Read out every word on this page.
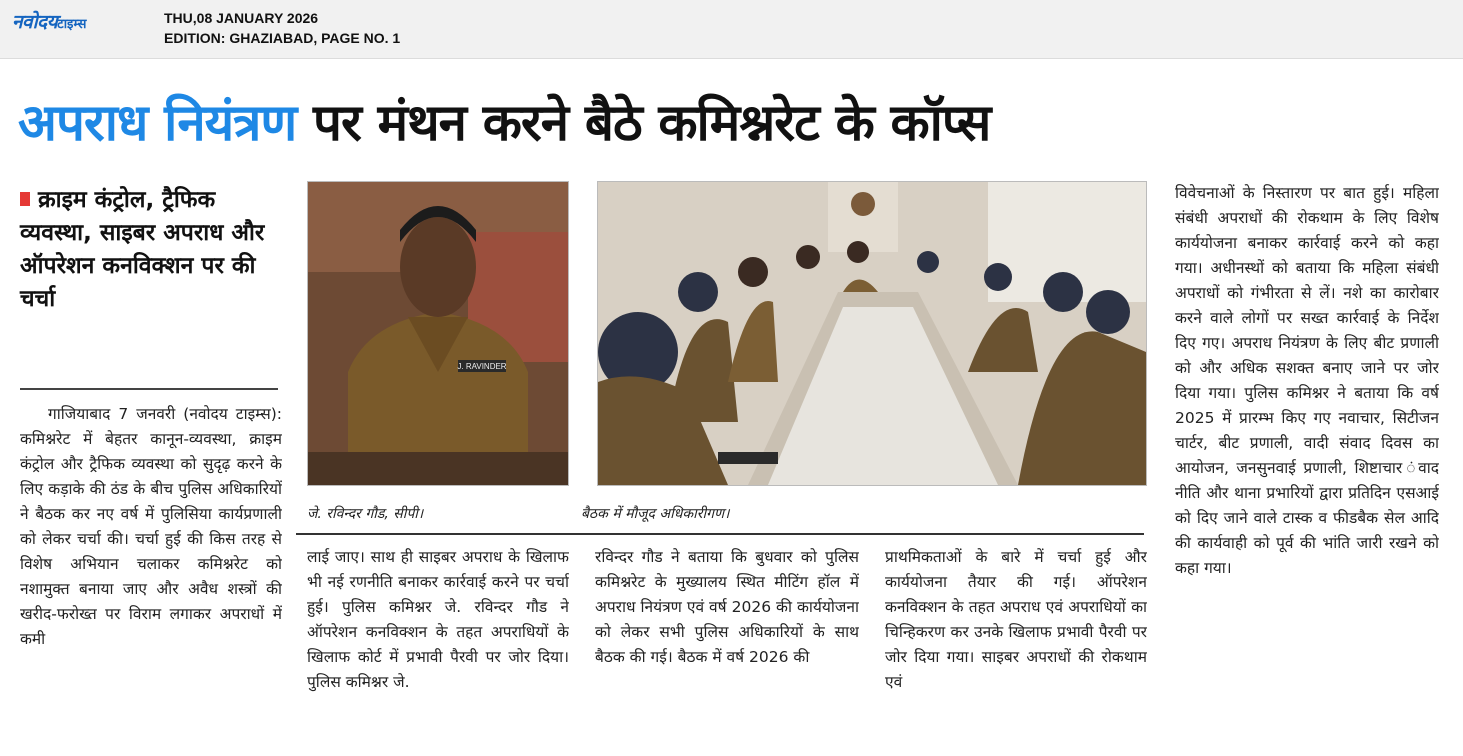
नवोदयटाइम्स	THU,08 JANUARY 2026
EDITION: GHAZIABAD, PAGE NO. 1
अपराध नियंत्रण पर मंथन करने बैठे कमिश्नरेट के कॉप्स
क्राइम कंट्रोल, ट्रैफिक व्यवस्था, साइबर अपराध और ऑपरेशन कनविक्शन पर की चर्चा
गाजियाबाद 7 जनवरी (नवोदय टाइम्स): कमिश्नरेट में बेहतर कानून-व्यवस्था, क्राइम कंट्रोल और ट्रैफिक व्यवस्था को सुदृढ़ करने के लिए कड़ाके की ठंड के बीच पुलिस अधिकारियों ने बैठक कर नए वर्ष में पुलिसिया कार्यप्रणाली को लेकर चर्चा की। चर्चा हुई की किस तरह से विशेष अभियान चलाकर कमिश्नरेट को नशामुक्त बनाया जाए और अवैध शस्त्रों की खरीद-फरोख्त पर विराम लगाकर अपराधों में कमी
J. RAVINDER
जे. रविन्दर गौड, सीपी।	बैठक में मौजूद अधिकारीगण।
लाई जाए। साथ ही साइबर अपराध के खिलाफ भी नई रणनीति बनाकर कार्रवाई करने पर चर्चा हुई। पुलिस कमिश्नर जे. रविन्दर गौड ने ऑपरेशन कनविक्शन के तहत अपराधियों के खिलाफ कोर्ट में प्रभावी पैरवी पर जोर दिया। पुलिस कमिश्नर जे.
रविन्दर गौड ने बताया कि बुधवार को पुलिस कमिश्नरेट के मुख्यालय स्थित मीटिंग हॉल में अपराध नियंत्रण एवं वर्ष 2026 की कार्ययोजना को लेकर सभी पुलिस अधिकारियों के साथ बैठक की गई। बैठक में वर्ष 2026 की
प्राथमिकताओं के बारे में चर्चा हुई और कार्ययोजना तैयार की गई। ऑपरेशन कनविक्शन के तहत अपराध एवं अपराधियों का चिन्हिकरण कर उनके खिलाफ प्रभावी पैरवी पर जोर दिया गया। साइबर अपराधों की रोकथाम एवं
विवेचनाओं के निस्तारण पर बात हुई। महिला संबंधी अपराधों की रोकथाम के लिए विशेष कार्ययोजना बनाकर कार्रवाई करने को कहा गया। अधीनस्थों को बताया कि महिला संबंधी अपराधों को गंभीरता से लें। नशे का कारोबार करने वाले लोगों पर सख्त कार्रवाई के निर्देश दिए गए। अपराध नियंत्रण के लिए बीट प्रणाली को और अधिक सशक्त बनाए जाने पर जोर दिया गया। पुलिस कमिश्नर ने बताया कि वर्ष 2025 में प्रारम्भ किए गए नवाचार, सिटीजन चार्टर, बीट प्रणाली, वादी संवाद दिवस का आयोजन, जनसुनवाई प्रणाली, शिष्टाचार ंवाद नीति और थाना प्रभारियों द्वारा प्रतिदिन एसआई को दिए जाने वाले टास्क व फीडबैक सेल आदि की कार्यवाही को पूर्व की भांति जारी रखने को कहा गया।
